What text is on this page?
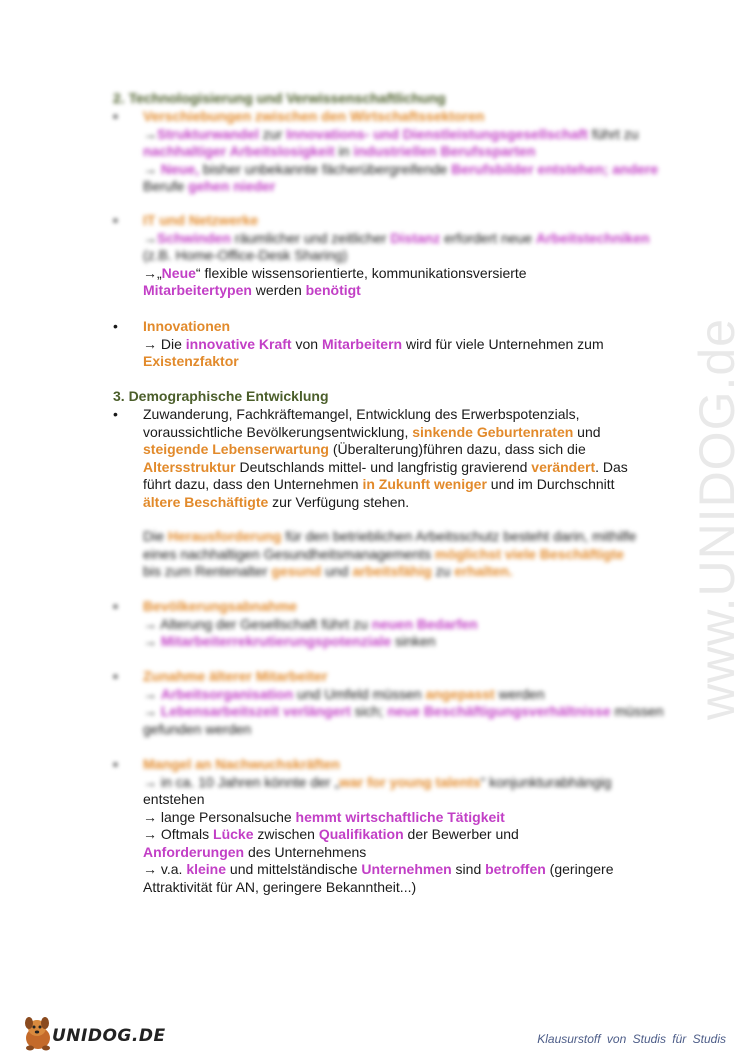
www.UNIDOG.de
2. Technologisierung und Verwissenschaftlichung
• Verschiebungen zwischen den Wirtschaftssektoren
→Strukturwandel zur Innovations- und Dienstleistungsgesellschaft führt zu nachhaltiger Arbeitslosigkeit in industriellen Berufssparten
→ Neue, bisher unbekannte fächerübergreifende Berufsbilder entstehen; andere Berufe gehen nieder
• IT und Netzwerke
→Schwinden räumlicher und zeitlicher Distanz erfordert neue Arbeitstechniken (z.B. Home-Office-Desk Sharing)
→„Neue“ flexible wissensorientierte, kommunikationsversierte
Mitarbeitertypen werden benötigt
• Innovationen
→ Die innovative Kraft von Mitarbeitern wird für viele Unternehmen zum
Existenzfaktor
3. Demographische Entwicklung
• Zuwanderung, Fachkräftemangel, Entwicklung des Erwerbspotenzials, voraussichtliche Bevölkerungsentwicklung, sinkende Geburtenraten und steigende Lebenserwartung (Überalterung)führen dazu, dass sich die Altersstruktur Deutschlands mittel- und langfristig gravierend verändert. Das führt dazu, dass den Unternehmen in Zukunft weniger und im Durchschnitt ältere Beschäftigte zur Verfügung stehen.
Die Herausforderung für den betrieblichen Arbeitsschutz besteht darin, mithilfe eines nachhaltigen Gesundheitsmanagements möglichst viele Beschäftigte bis zum Rentenalter gesund und arbeitsfähig zu erhalten.
• Bevölkerungsabnahme
→ Alterung der Gesellschaft führt zu neuen Bedarfen
→ Mitarbeiterrekrutierungspotenziale sinken
• Zunahme älterer Mitarbeiter
→ Arbeitsorganisation und Umfeld müssen angepasst werden
→ Lebensarbeitszeit verlängert sich; neue Beschäftigungsverhältnisse müssen gefunden werden
• Mangel an Nachwuchskräften
→ in ca. 10 Jahren könnte der „war for young talents“ konjunkturabhängig
entstehen
→ lange Personalsuche hemmt wirtschaftliche Tätigkeit
→ Oftmals Lücke zwischen Qualifikation der Bewerber und
Anforderungen des Unternehmens
→ v.a. kleine und mittelständische Unternehmen sind betroffen (geringere Attraktivität für AN, geringere Bekanntheit...)
UNIDOG.DE	Klausurstoff von Studis für Studis
